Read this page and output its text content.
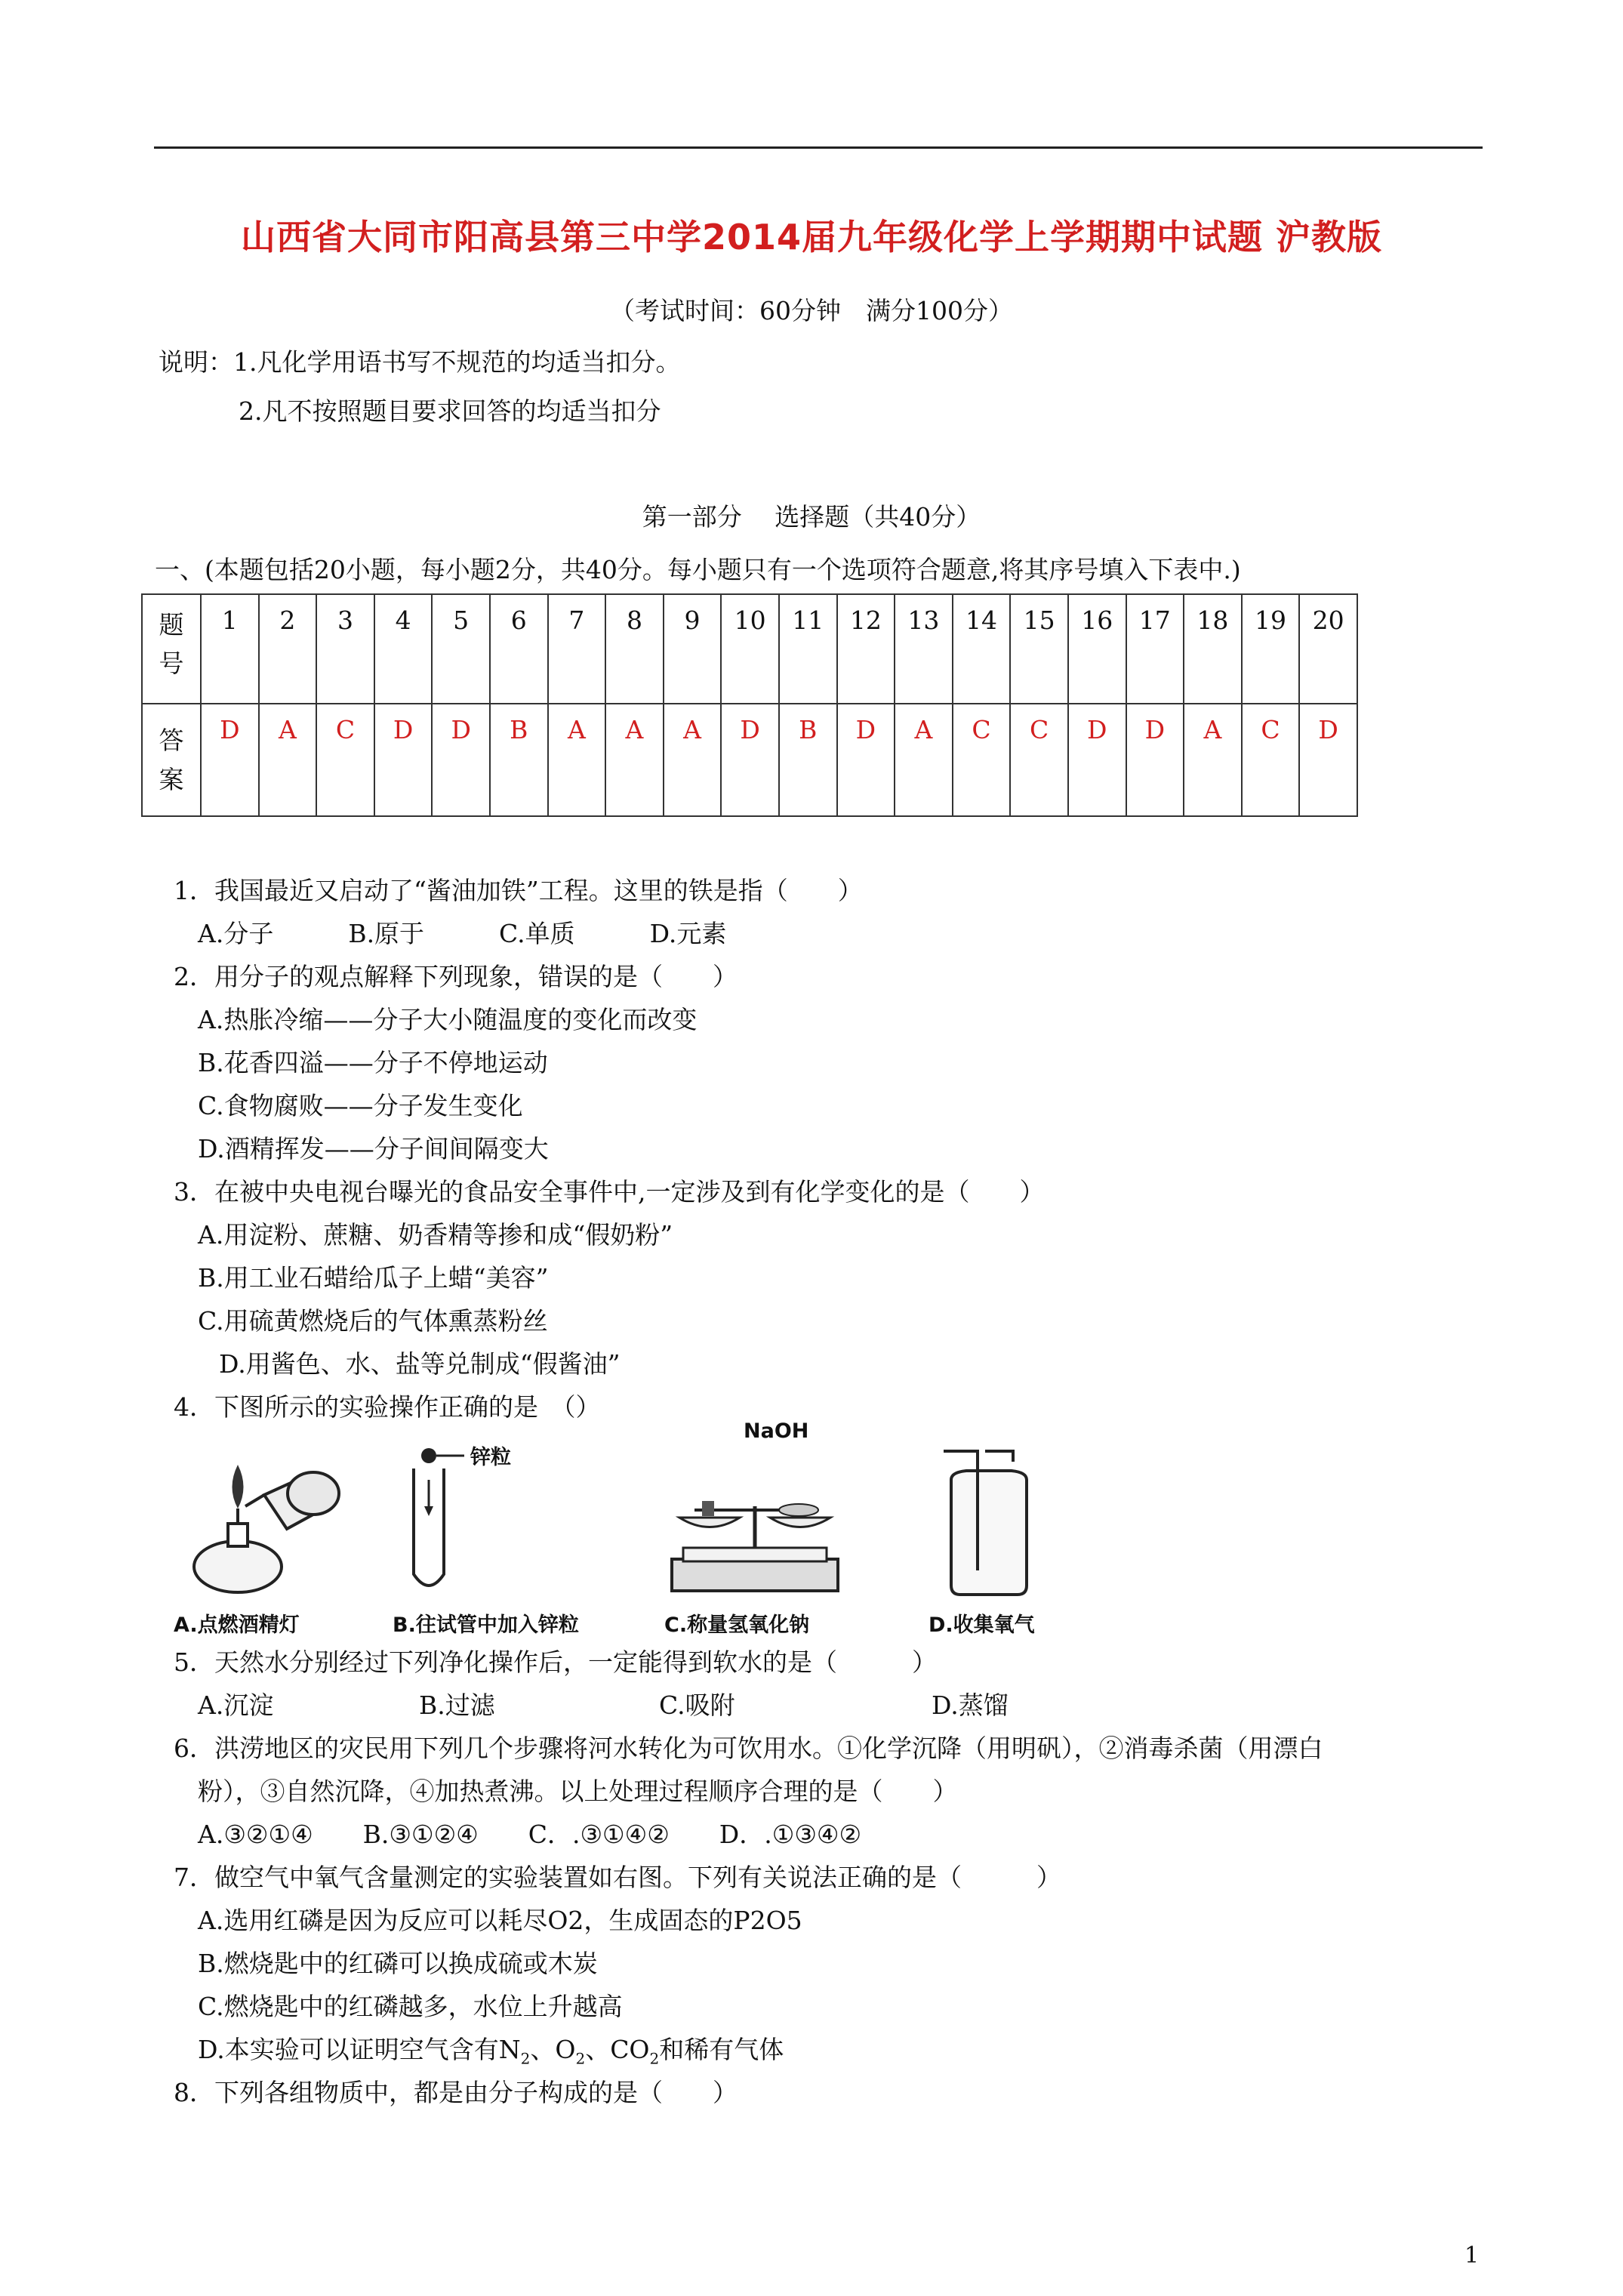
山西省大同市阳高县第三中学2014届九年级化学上学期期中试题 沪教版
（考试时间：60分钟　满分100分）
说明：1.凡化学用语书写不规范的均适当扣分。
2.凡不按照题目要求回答的均适当扣分
第一部分　 选择题（共40分）
一、(本题包括20小题，每小题2分，共40分。每小题只有一个选项符合题意,将其序号填入下表中.)
题
号	1	2	3	4	5	6	7	8	9	10	11	12	13	14	15	16	17	18	19	20
答
案	D	A	C	D	D	B	A	A	A	D	B	D	A	C	C	D	D	A	C	D
1．我国最近又启动了“酱油加铁”工程。这里的铁是指（　　）
A.分子　　　B.原于　　　C.单质　　　D.元素
2．用分子的观点解释下列现象，错误的是（　　）
A.热胀冷缩——分子大小随温度的变化而改变
B.花香四溢——分子不停地运动
C.食物腐败——分子发生变化
D.酒精挥发——分子间间隔变大
3．在被中央电视台曝光的食品安全事件中,一定涉及到有化学变化的是（　　）
A.用淀粉、蔗糖、奶香精等掺和成“假奶粉”
B.用工业石蜡给瓜子上蜡“美容”
C.用硫黄燃烧后的气体熏蒸粉丝
D.用酱色、水、盐等兑制成“假酱油”
4．下图所示的实验操作正确的是　（）
A.点燃酒精灯
锌粒
B.往试管中加入锌粒
NaOH
C.称量氢氧化钠	D.收集氧气
5．天然水分别经过下列净化操作后，一定能得到软水的是（　　　）
A.沉淀	B.过滤	C.吸附	D.蒸馏
6．洪涝地区的灾民用下列几个步骤将河水转化为可饮用水。①化学沉降（用明矾），②消毒杀菌（用漂白
粉），③自然沉降，④加热煮沸。以上处理过程顺序合理的是（　　）
A.③②①④　　B.③①②④　　C．.③①④②　　D．.①③④②
7．做空气中氧气含量测定的实验装置如右图。下列有关说法正确的是（　　　）
A.选用红磷是因为反应可以耗尽O2，生成固态的P2O5
B.燃烧匙中的红磷可以换成硫或木炭
C.燃烧匙中的红磷越多，水位上升越高
D.本实验可以证明空气含有$N_2$、$O_2$、$CO_2$和稀有气体
8．下列各组物质中，都是由分子构成的是（　　）
1
